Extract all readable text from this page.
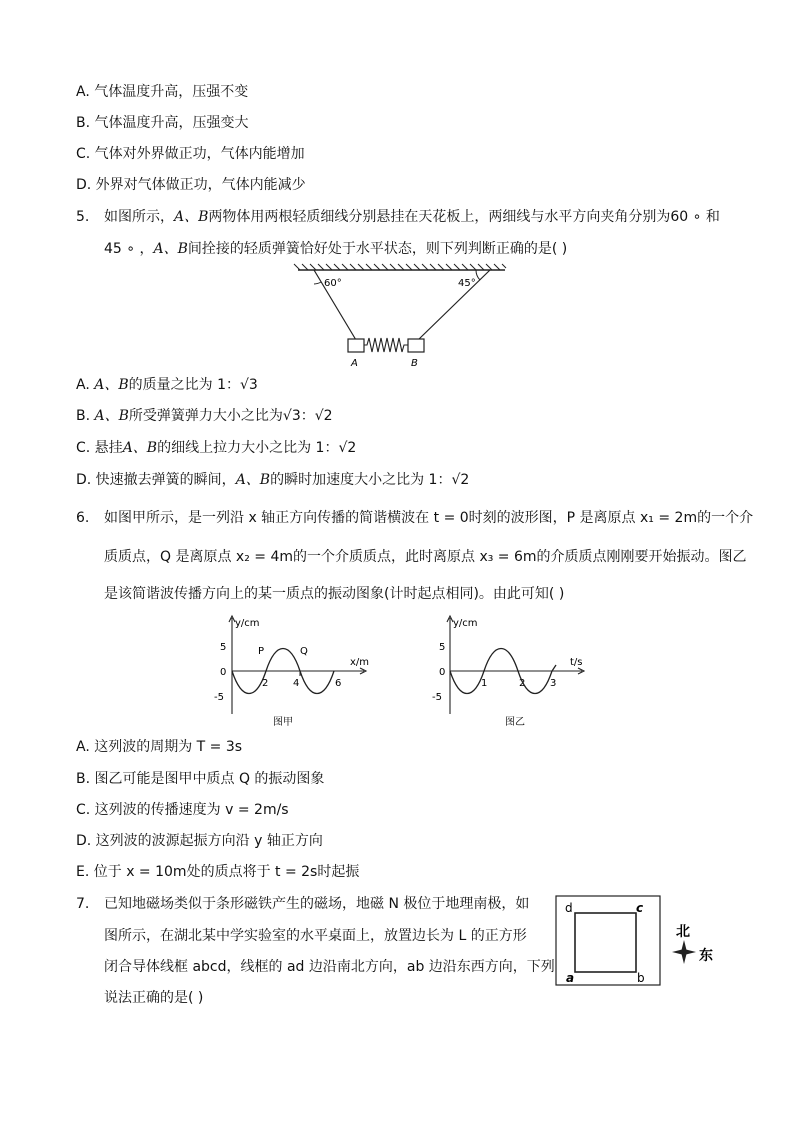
A. 气体温度升高，压强不变
B. 气体温度升高，压强变大
C. 气体对外界做正功，气体内能增加
D. 外界对气体做正功，气体内能减少
5. 如图所示，A、B两物体用两根轻质细线分别悬挂在天花板上，两细线与水平方向夹角分别为60 ∘ 和
45 ∘ ，A、B间拴接的轻质弹簧恰好处于水平状态，则下列判断正确的是( )
60°	45°
A	B
A. A、B的质量之比为 1：√3
B. A、B所受弹簧弹力大小之比为√3：√2
C. 悬挂A、B的细线上拉力大小之比为 1：√2
D. 快速撤去弹簧的瞬间，A、B的瞬时加速度大小之比为 1：√2
6. 如图甲所示，是一列沿 x 轴正方向传播的简谐横波在 t = 0时刻的波形图，P 是离原点 x₁ = 2m的一个介
质质点，Q 是离原点 x₂ = 4m的一个介质质点，此时离原点 x₃ = 6m的介质质点刚刚要开始振动。图乙
是该简谐波传播方向上的某一质点的振动图象(计时起点相同)。由此可知( )
y/cm
x/m
5
0
-5
2 4	6
P	Q
图甲
y/cm
t/s
5
0
-5
1	2 3
图乙
A. 这列波的周期为 T = 3s
B. 图乙可能是图甲中质点 Q 的振动图象
C. 这列波的传播速度为 v = 2m/s
D. 这列波的波源起振方向沿 y 轴正方向
E. 位于 x = 10m处的质点将于 t = 2s时起振
7. 已知地磁场类似于条形磁铁产生的磁场，地磁 N 极位于地理南极，如
图所示，在湖北某中学实验室的水平桌面上，放置边长为 L 的正方形
闭合导体线框 abcd，线框的 ad 边沿南北方向，ab 边沿东西方向，下列
说法正确的是( )
d	c
a	b
北
东
